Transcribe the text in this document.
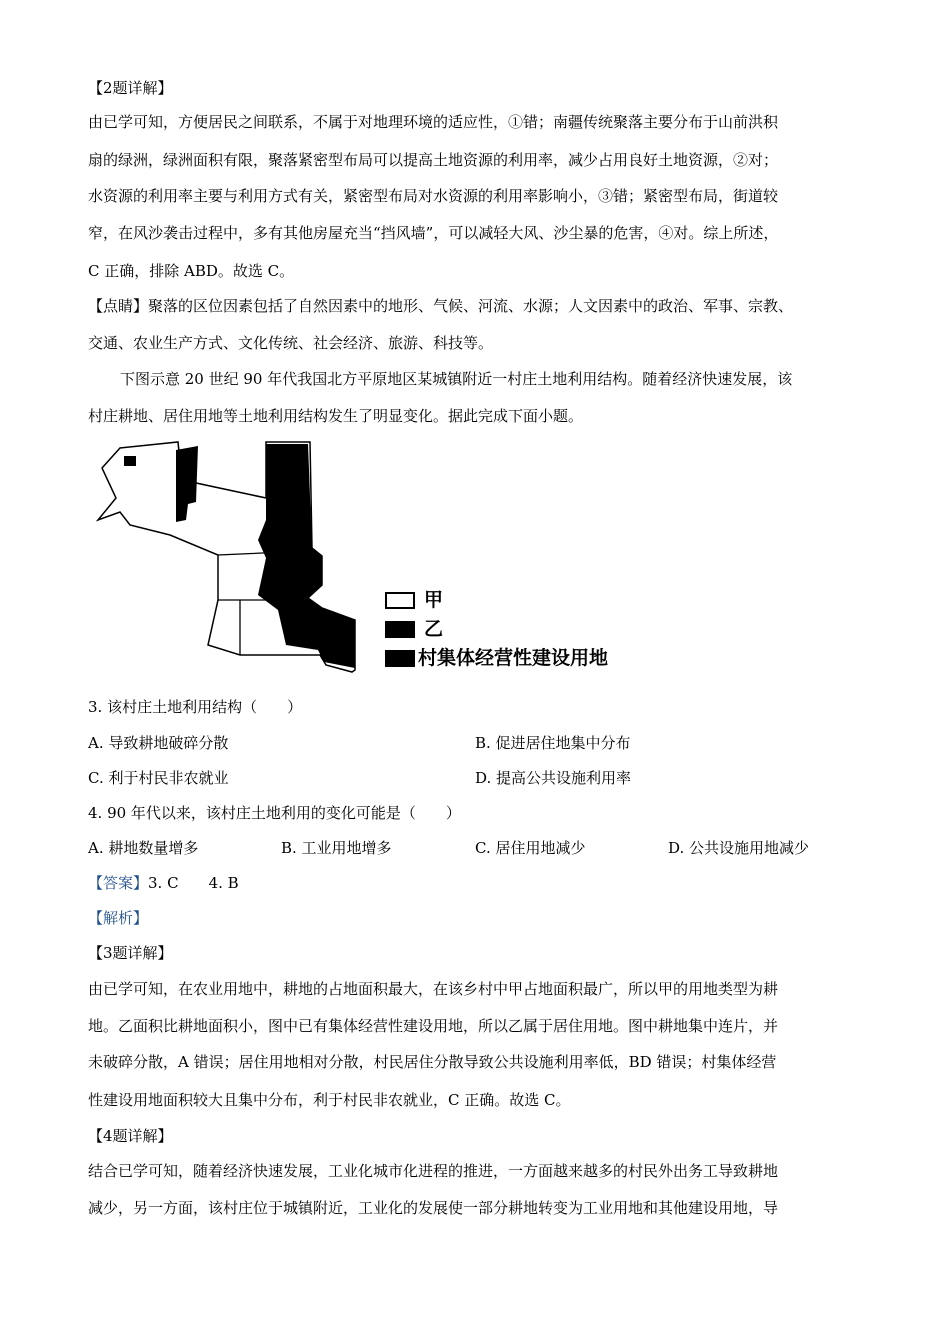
【2题详解】
由已学可知，方便居民之间联系，不属于对地理环境的适应性，①错；南疆传统聚落主要分布于山前洪积
扇的绿洲，绿洲面积有限，聚落紧密型布局可以提高土地资源的利用率，减少占用良好土地资源，②对；
水资源的利用率主要与利用方式有关，紧密型布局对水资源的利用率影响小，③错；紧密型布局，街道较
窄，在风沙袭击过程中，多有其他房屋充当“挡风墙”，可以减轻大风、沙尘暴的危害，④对。综上所述，
C 正确，排除 ABD。故选 C。
【点睛】聚落的区位因素包括了自然因素中的地形、气候、河流、水源；人文因素中的政治、军事、宗教、
交通、农业生产方式、文化传统、社会经济、旅游、科技等。
下图示意 20 世纪 90 年代我国北方平原地区某城镇附近一村庄土地利用结构。随着经济快速发展，该
村庄耕地、居住用地等土地利用结构发生了明显变化。据此完成下面小题。
甲
乙
村集体经营性建设用地
3. 该村庄土地利用结构（　　）
A. 导致耕地破碎分散	B. 促进居住地集中分布
C. 利于村民非农就业	D. 提高公共设施利用率
4. 90 年代以来，该村庄土地利用的变化可能是（　　）
A. 耕地数量增多	B. 工业用地增多	C. 居住用地减少	D. 公共设施用地减少
【答案】3. C　　4. B
【解析】
【3题详解】
由已学可知，在农业用地中，耕地的占地面积最大，在该乡村中甲占地面积最广，所以甲的用地类型为耕
地。乙面积比耕地面积小，图中已有集体经营性建设用地，所以乙属于居住用地。图中耕地集中连片，并
未破碎分散，A 错误；居住用地相对分散，村民居住分散导致公共设施利用率低，BD 错误；村集体经营
性建设用地面积较大且集中分布，利于村民非农就业，C 正确。故选 C。
【4题详解】
结合已学可知，随着经济快速发展，工业化城市化进程的推进，一方面越来越多的村民外出务工导致耕地
减少，另一方面，该村庄位于城镇附近，工业化的发展使一部分耕地转变为工业用地和其他建设用地，导
